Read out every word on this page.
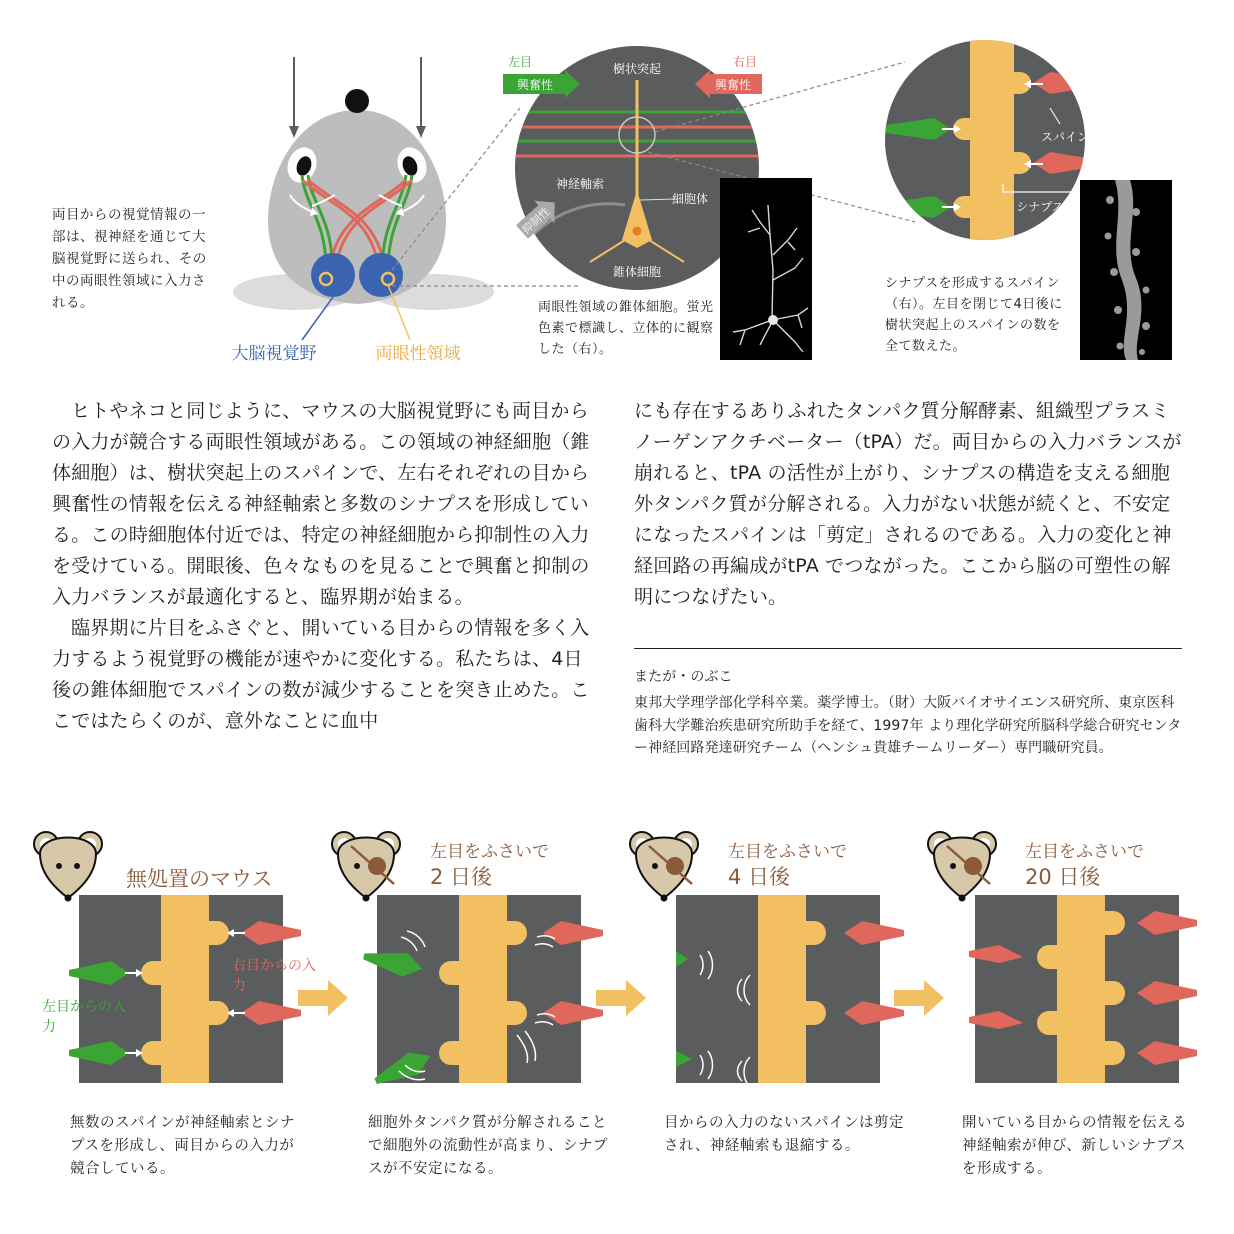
樹状突起
神経軸索
細胞体
錐体細胞
抑制性
左目
興奮性
右目
興奮性
スパイン
シナプス
大脳視覚野	両眼性領域
両目からの視覚情報の一部は、視神経を通じて大脳視覚野に送られ、その中の両眼性領域に入力される。	両眼性領域の錐体細胞。蛍光色素で標識し、立体的に観察した（右）。
シナプスを形成するスパイン（右）。左目を閉じて4日後に樹状突起上のスパインの数を全て数えた。
ヒトやネコと同じように、マウスの大脳視覚野にも両目からの入力が競合する両眼性領域がある。この領域の神経細胞（錐体細胞）は、樹状突起上のスパインで、左右それぞれの目から興奮性の情報を伝える神経軸索と多数のシナプスを形成している。この時細胞体付近では、特定の神経細胞から抑制性の入力を受けている。開眼後、色々なものを見ることで興奮と抑制の入力バランスが最適化すると、臨界期が始まる。
臨界期に片目をふさぐと、開いている目からの情報を多く入力するよう視覚野の機能が速やかに変化する。私たちは、4日後の錐体細胞でスパインの数が減少することを突き止めた。ここではたらくのが、意外なことに血中
にも存在するありふれたタンパク質分解酵素、組織型プラスミノーゲンアクチベーター（tPA）だ。両目からの入力バランスが崩れると、tPA の活性が上がり、シナプスの構造を支える細胞外タンパク質が分解される。入力がない状態が続くと、不安定になったスパインは「剪定」されるのである。入力の変化と神経回路の再編成がtPA でつながった。ここから脳の可塑性の解明につなげたい。
またが・のぶこ
東邦大学理学部化学科卒業。薬学博士。（財）大阪バイオサイエンス研究所、東京医科歯科大学難治疾患研究所助手を経て、1997年 より理化学研究所脳科学総合研究センター神経回路発達研究チーム（ヘンシュ貴雄チームリーダー）専門職研究員。
無処置のマウス
左目をふさいで
2 日後
左目をふさいで
4 日後
左目をふさいで
20 日後
右目からの入力
左目からの入力
無数のスパインが神経軸索とシナプスを形成し、両目からの入力が競合している。
細胞外タンパク質が分解されることで細胞外の流動性が高まり、シナプスが不安定になる。
目からの入力のないスパインは剪定され、神経軸索も退縮する。
開いている目からの情報を伝える神経軸索が伸び、新しいシナプスを形成する。
